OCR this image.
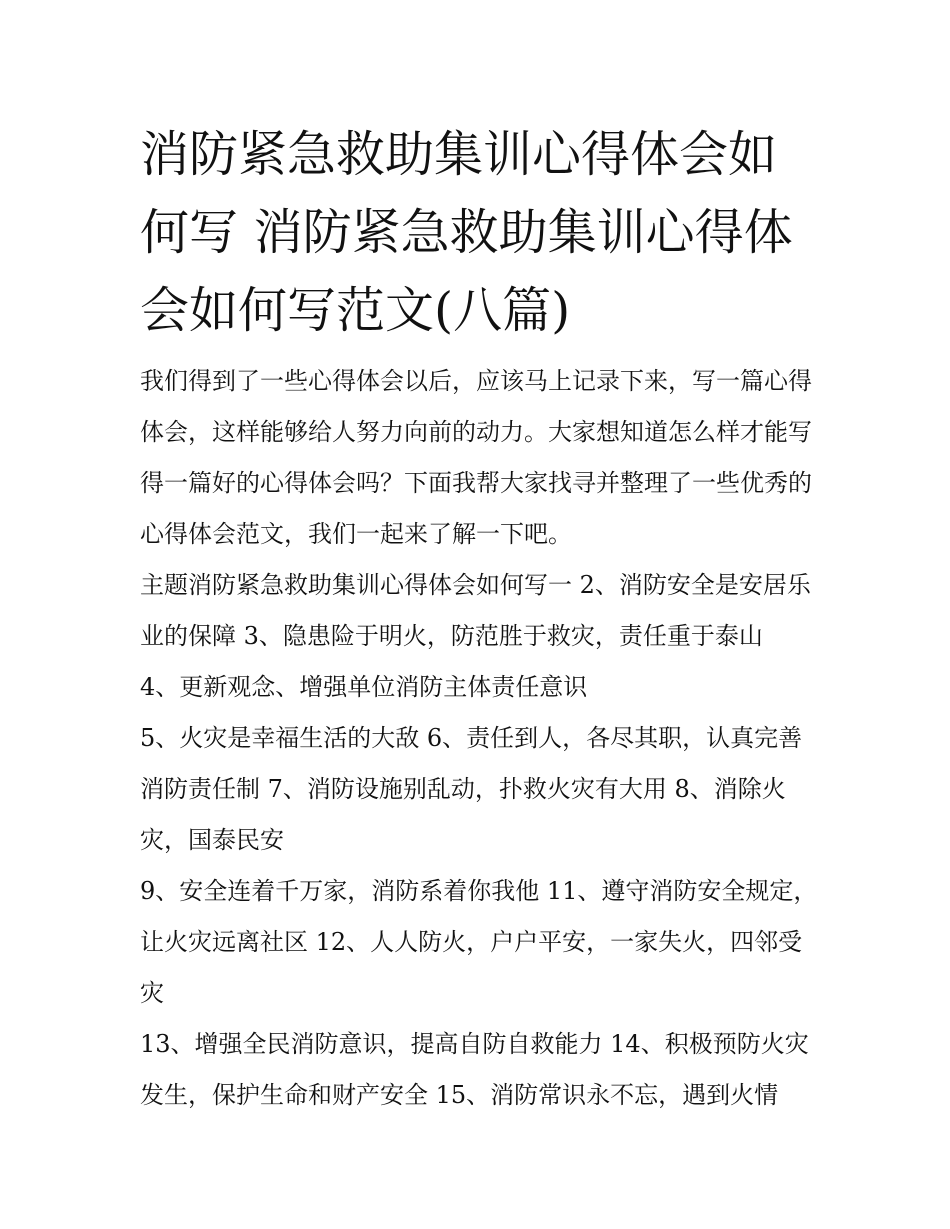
消防紧急救助集训心得体会如何写 消防紧急救助集训心得体会如何写范文(八篇)

我们得到了一些心得体会以后，应该马上记录下来，写一篇心得体会，这样能够给人努力向前的动力。大家想知道怎么样才能写得一篇好的心得体会吗？下面我帮大家找寻并整理了一些优秀的心得体会范文，我们一起来了解一下吧。

主题消防紧急救助集训心得体会如何写一 2、消防安全是安居乐业的保障 3、隐患险于明火，防范胜于救灾，责任重于泰山

4、更新观念、增强单位消防主体责任意识

5、火灾是幸福生活的大敌 6、责任到人，各尽其职，认真完善消防责任制 7、消防设施别乱动，扑救火灾有大用 8、消除火灾，国泰民安

9、安全连着千万家，消防系着你我他 11、遵守消防安全规定，让火灾远离社区 12、人人防火，户户平安，一家失火，四邻受灾

13、增强全民消防意识，提高自防自救能力 14、积极预防火灾发生，保护生命和财产安全 15、消防常识永不忘，遇到火情
